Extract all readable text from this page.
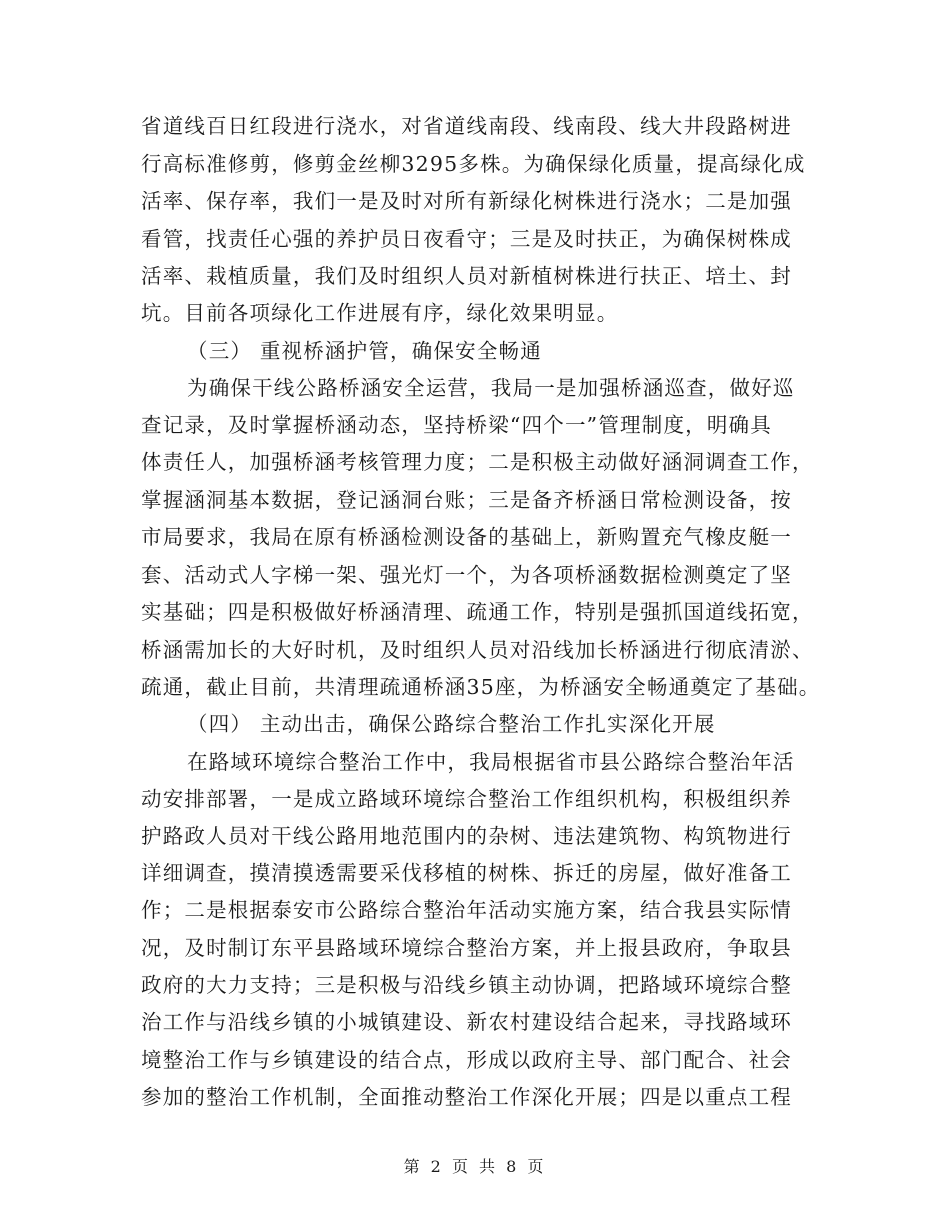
省道线百日红段进行浇水，对省道线南段、线南段、线大井段路树进
行高标准修剪，修剪金丝柳3295多株。为确保绿化质量，提高绿化成
活率、保存率，我们一是及时对所有新绿化树株进行浇水；二是加强
看管，找责任心强的养护员日夜看守；三是及时扶正，为确保树株成
活率、栽植质量，我们及时组织人员对新植树株进行扶正、培土、封
坑。目前各项绿化工作进展有序，绿化效果明显。
（三） 重视桥涵护管，确保安全畅通
为确保干线公路桥涵安全运营，我局一是加强桥涵巡查，做好巡
查记录，及时掌握桥涵动态，坚持桥梁“四个一”管理制度，明确具
体责任人，加强桥涵考核管理力度；二是积极主动做好涵洞调查工作，
掌握涵洞基本数据，登记涵洞台账；三是备齐桥涵日常检测设备，按
市局要求，我局在原有桥涵检测设备的基础上，新购置充气橡皮艇一
套、活动式人字梯一架、强光灯一个，为各项桥涵数据检测奠定了坚
实基础；四是积极做好桥涵清理、疏通工作，特别是强抓国道线拓宽，
桥涵需加长的大好时机，及时组织人员对沿线加长桥涵进行彻底清淤、
疏通，截止目前，共清理疏通桥涵35座，为桥涵安全畅通奠定了基础。
（四） 主动出击，确保公路综合整治工作扎实深化开展
在路域环境综合整治工作中，我局根据省市县公路综合整治年活
动安排部署，一是成立路域环境综合整治工作组织机构，积极组织养
护路政人员对干线公路用地范围内的杂树、违法建筑物、构筑物进行
详细调查，摸清摸透需要采伐移植的树株、拆迁的房屋，做好准备工
作；二是根据泰安市公路综合整治年活动实施方案，结合我县实际情
况，及时制订东平县路域环境综合整治方案，并上报县政府，争取县
政府的大力支持；三是积极与沿线乡镇主动协调，把路域环境综合整
治工作与沿线乡镇的小城镇建设、新农村建设结合起来，寻找路域环
境整治工作与乡镇建设的结合点，形成以政府主导、部门配合、社会
参加的整治工作机制，全面推动整治工作深化开展；四是以重点工程
第 2 页 共 8 页
